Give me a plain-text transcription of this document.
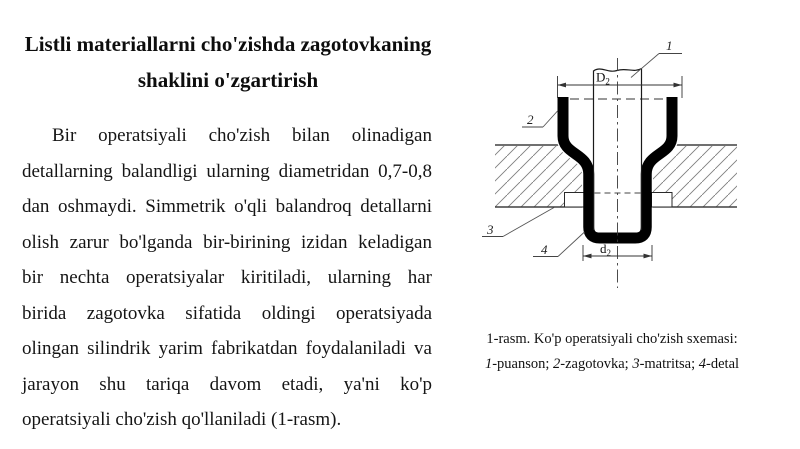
Listli materiallarni cho'zishda zagotovkaning
shaklini o'zgartirish
Bir operatsiyali cho'zish bilan olinadigan
detallarning balandligi ularning diametridan 0,7-0,8
dan oshmaydi. Simmetrik o'qli balandroq detallarni
olish zarur bo'lganda bir-birining izidan keladigan
bir nechta operatsiyalar kiritiladi, ularning har
birida zagotovka sifatida oldingi operatsiyada
olingan silindrik yarim fabrikatdan foydalaniladi va
jarayon shu tariqa davom etadi, ya'ni ko'p
operatsiyali cho'zish qo'llaniladi (1-rasm).
$D_2$
$d_2$
1
2
3
4
1-rasm. Ko'p operatsiyali cho'zish sxemasi:
1-puanson; 2-zagotovka; 3-matritsa; 4-detal
